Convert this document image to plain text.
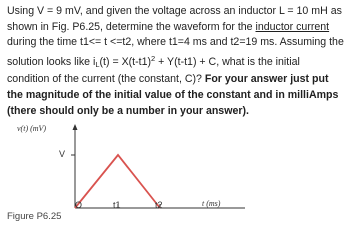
Using V = 9 mV, and given the voltage across an inductor L = 10 mH as shown in Fig. P6.25, determine the waveform for the inductor current during the time t1<= t <=t2, where t1=4 ms and t2=19 ms. Assuming the solution looks like $i_L(t) = X(t-t1)^2 + Y(t-t1) + C$, what is the initial condition of the current (the constant, C)? For your answer just put the magnitude of the initial value of the constant and in milliAmps (there should only be a number in your answer).
v(t) (mV)
V
O	t1	t2	t (ms)
Figure P6.25
